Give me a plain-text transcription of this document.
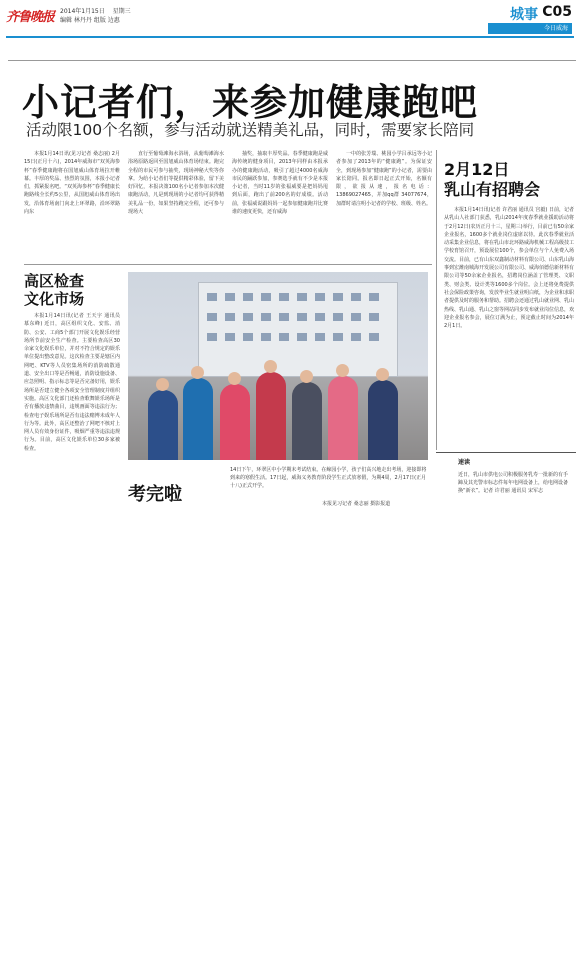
齐鲁晚报 2014年1月15日 星期三
编辑 林丹丹 组版 边惠	城事 C05
今日威海
小记者们，来参加健康跑吧
活动限100个名额，参与活动就送精美礼品，同时，需要家长陪同

本报1月14日讯(见习记者 桑志丽) 2月15日(正月十六)，2014年威海市“双英海参杯”春季健康跑将在国旭威山体育场拉开帷幕。丰厚的奖品、热烈的氛围，本报小记者们，抓紧报名吧。“双英海参杯”春季健康长跑路线全长约5公里，从国旭威山体育场出发，沿体育场南门向北上环翠路，沿环翠路向东

直行至葡萄滩海水浴场，从葡萄滩海水浴场原路返回至国旭威山体育场结束。跑完全程的市民可参与抽奖，现场神秘大奖等你拿。为给小记者们等提供精彩体验，留下美好回忆，本报决策100名小记者参加本次健康跑活动，凡是到现场的小记者均可获得精美礼品一份，如果坚持跑完全程，还可参与现场大

抽奖，抽取丰厚奖品。春季健康跑是威海传统的健身项目，2013年同样由本报承办的健康跑活动，吸引了超过4000名威海市民的踊跃参加，参赛选手就有不少是本报小记者，当时11岁的张福威要是把妈妈甩到后面，跑出了前200名的好成绩。活动前，张福威说跟妈妈一起参加健康跑并比赛谁的速度更快，还有威海

一中的张芳瑞、桃园小学吕承远等小记者参加了2013年的“健康跑”。为保证安全，到现场参加“健康跑”的小记者，需要由家长陪同。报名即日起正式开始，名额有限，欲报从速，报名电话：13869027465，并加qq群 34077674，加群时请注明小记者的学校、班级、姓名。

2月12日
乳山有招聘会

本报1月14日讯(记者 许君丽 通讯员 宫毅) 日前，记者从乳山人社部门获悉，乳山2014年度春季就业援助活动将于2月12日(农历正月十三，星期三)举行，目前已有50余家企业报名，1600多个就业岗位虚席以待。此次春季就业活动采集企业信息，将在乳山市北环路威海机械工程高级技工学校育馆召开，预设展位100个，参会单位与个人免费入场交流。目前，已有山东双鑫制动材料有限公司、山东乳山海事到宏潍南城海开发展公司有限公司、威海佰德信新材料有限公司等50余家企业报名，招聘岗位涵盖了管理类、文职类、财会类、设计类等1600多个岗位。会上还将免费提供社会保险政策咨询，发放毕业生就业明白纸，为企业和求职者提供及时的服务和帮助。招聘会还通过乳山就业网、乳山热线、乳山通、乳山之窗等网站同步发布就业岗位信息，欢迎企业报名参会，展位订满为止，预定截止时间为2014年2月1日。

高区检查
文化市场

本报1月14日讯(记者 王天宇 通讯员 慕东峰) 近日，高区组织文化、安监、消防、公安、工商5个部门开展文化娱乐经营场所节前安全生产检查。主要检查高区30余家文化娱乐单位，并对不符合规定的娱乐单位提出整改意见。这次检查主要是辖区内网吧、KTV等人员密集场所的消防疏散通道、安全出口等是否畅通，消防设施设备、应急照明、指示标志等是否完备好用，娱乐场所是否建立健全各项安全管理制度并组织实施。高区文化部门还检查歌舞娱乐场所是否有播放违禁曲目，违规画面等违法行为；检查电子娱乐场所是否有违法赌博未成年人行为等。此外，高区还整治了网吧不核对上网人员有效身份证件，吸烟严重等违法违规行为。目前，高区文化娱乐单位30多家被检查。

14日下午，环翠区中小学期末考试结束。在鲸园小学，孩子们高兴地走出考场，迎接即将到来的寒假生活。17日起，威海义务教育阶段学生正式放寒假，为期4周，2月17日(正月十八)正式开学。
考完啦	本报见习记者 桑志丽 摄影报道
速读
近日，乳山市供电公司积极服务乳寿一批新的有手蹄及其光警市标志件每年电网设备上，给电网设备换“新衣”。记者 许君丽 通讯员 宋军志
